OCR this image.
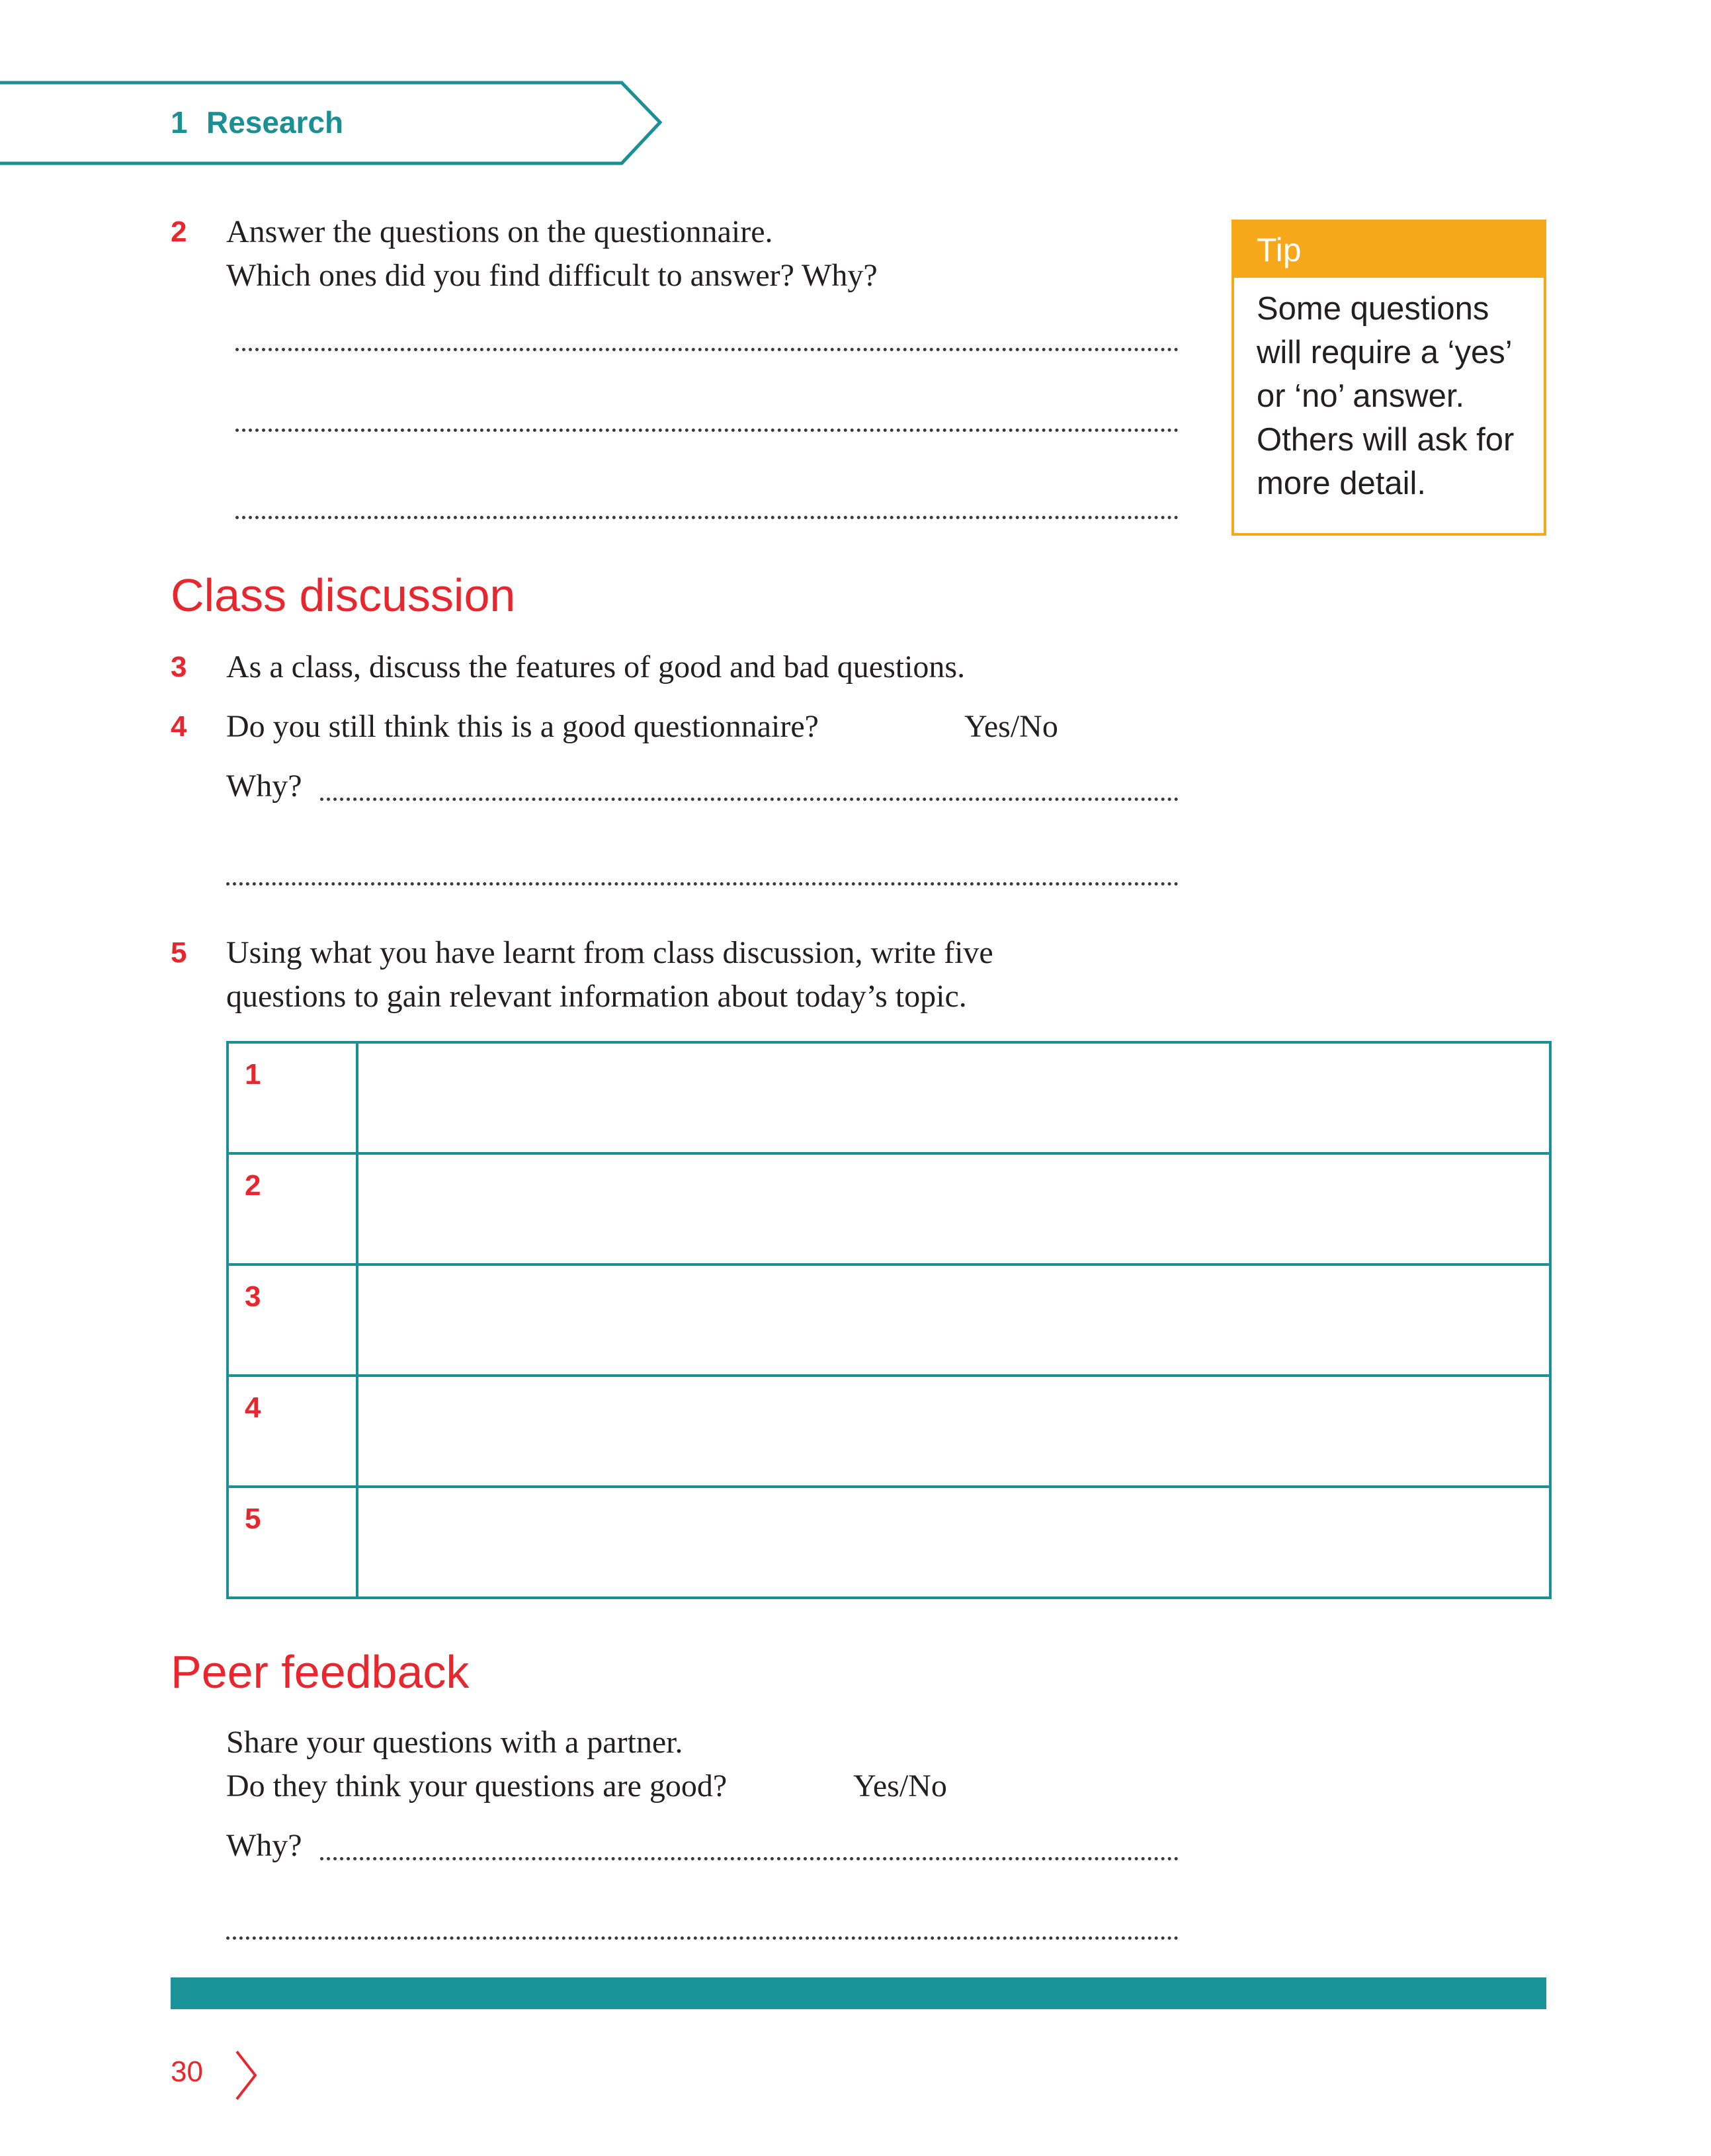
1 Research
2 Answer the questions on the questionnaire.
Which ones did you find difficult to answer? Why?
Tip
Some questions
will require a ‘yes’
or ‘no’ answer.
Others will ask for
more detail.
Class discussion
3 As a class, discuss the features of good and bad questions.
4 Do you still think this is a good questionnaire?	Yes/No
Why?
5 Using what you have learnt from class discussion, write five
questions to gain relevant information about today’s topic.
1	
2	
3	
4	
5	
Peer feedback
Share your questions with a partner.
Do they think your questions are good?	Yes/No
Why?
30
